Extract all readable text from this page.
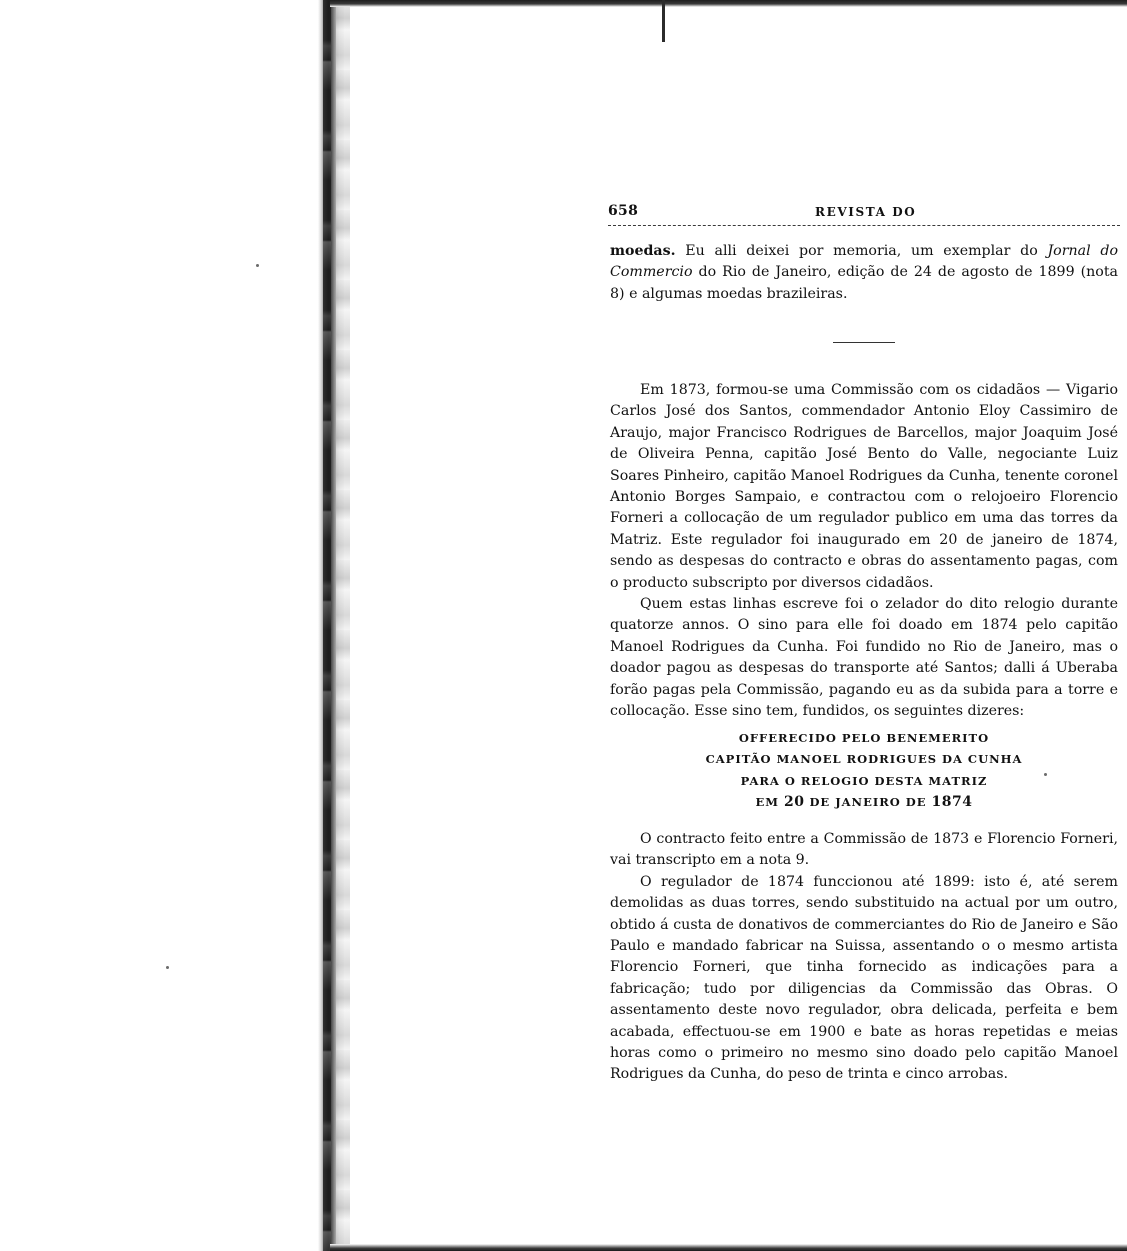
658	REVISTA DO

moedas. Eu alli deixei por memoria, um exemplar do Jornal do Commercio do Rio de Janeiro, edição de 24 de agosto de 1899 (nota 8) e algumas moedas brazileiras.

Em 1873, formou-se uma Commissão com os cidadãos — Vigario Carlos José dos Santos, commendador Antonio Eloy Cassimiro de Araujo, major Francisco Rodrigues de Barcellos, major Joaquim José de Oliveira Penna, capitão José Bento do Valle, negociante Luiz Soares Pinheiro, capitão Manoel Rodrigues da Cunha, tenente coronel Antonio Borges Sampaio, e contractou com o relojoeiro Florencio Forneri a collocação de um regulador publico em uma das torres da Matriz. Este regulador foi inaugurado em 20 de janeiro de 1874, sendo as despesas do contracto e obras do assentamento pagas, com o producto subscripto por diversos cidadãos.

Quem estas linhas escreve foi o zelador do dito relogio durante quatorze annos. O sino para elle foi doado em 1874 pelo capitão Manoel Rodrigues da Cunha. Foi fundido no Rio de Janeiro, mas o doador pagou as despesas do transporte até Santos; dalli á Uberaba forão pagas pela Commissão, pagando eu as da subida para a torre e collocação. Esse sino tem, fundidos, os seguintes dizeres:

OFFERECIDO PELO BENEMERITO
CAPITÃO MANOEL RODRIGUES DA CUNHA
PARA O RELOGIO DESTA MATRIZ
EM 20 DE JANEIRO DE 1874

O contracto feito entre a Commissão de 1873 e Florencio Forneri, vai transcripto em a nota 9.

O regulador de 1874 funccionou até 1899: isto é, até serem demolidas as duas torres, sendo substituido na actual por um outro, obtido á custa de donativos de commerciantes do Rio de Janeiro e São Paulo e mandado fabricar na Suissa, assentando o o mesmo artista Florencio Forneri, que tinha fornecido as indicações para a fabricação; tudo por diligencias da Commissão das Obras. O assentamento deste novo regulador, obra delicada, perfeita e bem acabada, effectuou-se em 1900 e bate as horas repetidas e meias horas como o primeiro no mesmo sino doado pelo capitão Manoel Rodrigues da Cunha, do peso de trinta e cinco arrobas.
